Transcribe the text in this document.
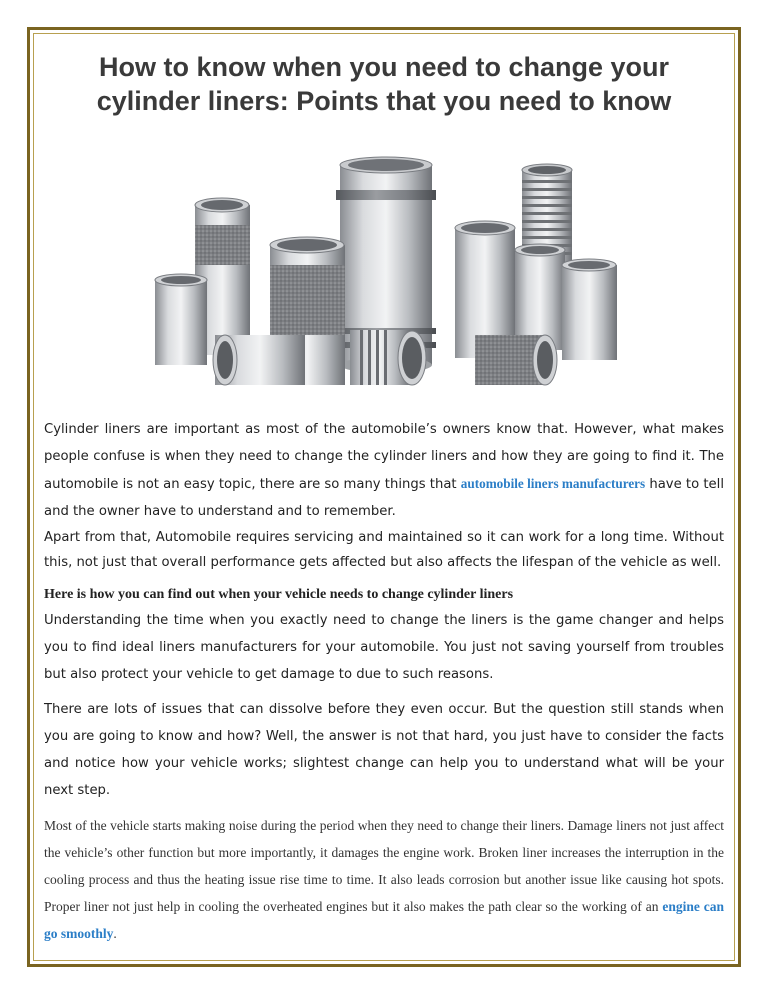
How to know when you need to change your cylinder liners: Points that you need to know

Cylinder liners are important as most of the automobile’s owners know that. However, what makes people confuse is when they need to change the cylinder liners and how they are going to find it. The automobile is not an easy topic, there are so many things that automobile liners manufacturers have to tell and the owner have to understand and to remember.

Apart from that, Automobile requires servicing and maintained so it can work for a long time. Without this, not just that overall performance gets affected but also affects the lifespan of the vehicle as well.

Here is how you can find out when your vehicle needs to change cylinder liners

Understanding the time when you exactly need to change the liners is the game changer and helps you to find ideal liners manufacturers for your automobile. You just not saving yourself from troubles but also protect your vehicle to get damage to due to such reasons.

There are lots of issues that can dissolve before they even occur. But the question still stands when you are going to know and how? Well, the answer is not that hard, you just have to consider the facts and notice how your vehicle works; slightest change can help you to understand what will be your next step.

Most of the vehicle starts making noise during the period when they need to change their liners. Damage liners not just affect the vehicle’s other function but more importantly, it damages the engine work. Broken liner increases the interruption in the cooling process and thus the heating issue rise time to time. It also leads corrosion but another issue like causing hot spots. Proper liner not just help in cooling the overheated engines but it also makes the path clear so the working of an engine can go smoothly.
